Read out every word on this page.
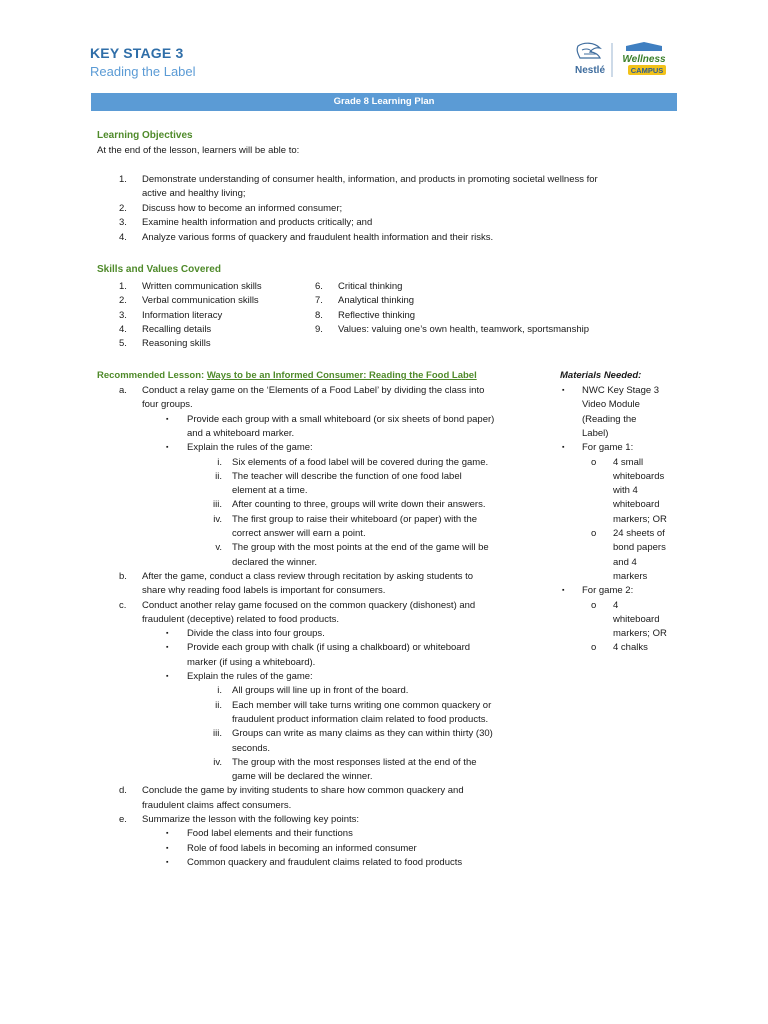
KEY STAGE 3
Reading the Label	Nestlé
Wellness
CAMPUS
Grade 8 Learning Plan
Learning Objectives
At the end of the lesson, learners will be able to:
1. Demonstrate understanding of consumer health, information, and products in promoting societal wellness for
active and healthy living;
2. Discuss how to become an informed consumer;
3. Examine health information and products critically; and
4. Analyze various forms of quackery and fraudulent health information and their risks.
Skills and Values Covered
1. Written communication skills
2. Verbal communication skills
3. Information literacy
4. Recalling details
5. Reasoning skills
6. Critical thinking
7. Analytical thinking
8. Reflective thinking
9. Values: valuing one’s own health, teamwork, sportsmanship
Recommended Lesson: Ways to be an Informed Consumer: Reading the Food Label	Materials Needed:
a. Conduct a relay game on the ‘Elements of a Food Label’ by dividing the class into
four groups.
▪ Provide each group with a small whiteboard (or six sheets of bond paper)
and a whiteboard marker.
▪ Explain the rules of the game:
i. Six elements of a food label will be covered during the game.
ii. The teacher will describe the function of one food label
element at a time.
iii. After counting to three, groups will write down their answers.
iv. The first group to raise their whiteboard (or paper) with the
correct answer will earn a point.
v. The group with the most points at the end of the game will be
declared the winner.
b. After the game, conduct a class review through recitation by asking students to
share why reading food labels is important for consumers.
c. Conduct another relay game focused on the common quackery (dishonest) and
fraudulent (deceptive) related to food products.
▪ Divide the class into four groups.
▪ Provide each group with chalk (if using a chalkboard) or whiteboard
marker (if using a whiteboard).
▪ Explain the rules of the game:
i. All groups will line up in front of the board.
ii. Each member will take turns writing one common quackery or
fraudulent product information claim related to food products.
iii. Groups can write as many claims as they can within thirty (30)
seconds.
iv. The group with the most responses listed at the end of the
game will be declared the winner.
d. Conclude the game by inviting students to share how common quackery and
fraudulent claims affect consumers.
e. Summarize the lesson with the following key points:
▪ Food label elements and their functions
▪ Role of food labels in becoming an informed consumer
▪ Common quackery and fraudulent claims related to food products
▪ NWC Key Stage 3
Video Module
(Reading the
Label)
▪ For game 1:
o 4 small
whiteboards
with 4
whiteboard
markers; OR
o 24 sheets of
bond papers
and 4
markers
▪ For game 2:
o 4
whiteboard
markers; OR
o 4 chalks
